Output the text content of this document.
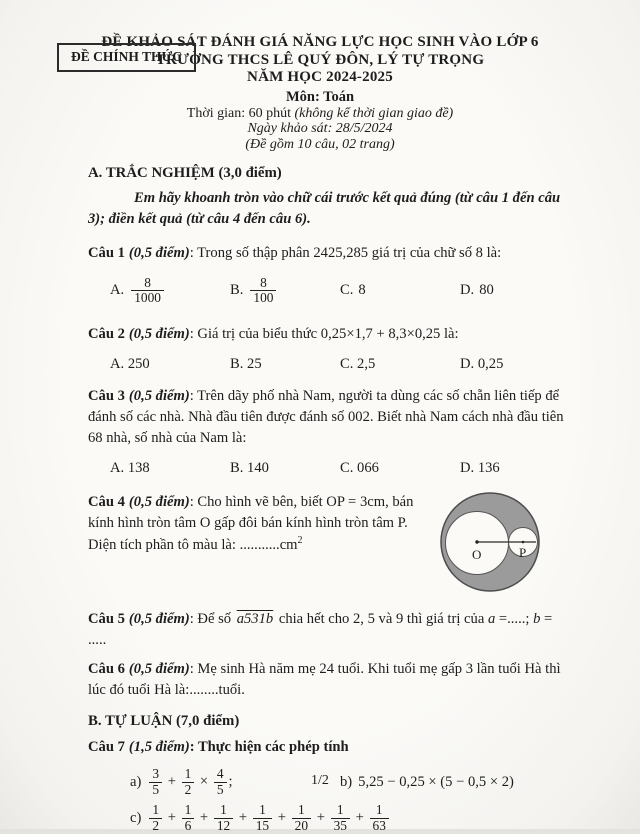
ĐỀ CHÍNH THỨC
ĐỀ KHẢO SÁT ĐÁNH GIÁ NĂNG LỰC HỌC SINH VÀO LỚP 6
TRƯỜNG THCS LÊ QUÝ ĐÔN, LÝ TỰ TRỌNG
NĂM HỌC 2024-2025
Môn: Toán
Thời gian: 60 phút (không kể thời gian giao đề)
Ngày khảo sát: 28/5/2024
(Đề gồm 10 câu, 02 trang)
A. TRẮC NGHIỆM (3,0 điểm)
Em hãy khoanh tròn vào chữ cái trước kết quả đúng (từ câu 1 đến câu 3); điền kết quả (từ câu 4 đến câu 6).

Câu 1 (0,5 điểm): Trong số thập phân 2425,285 giá trị của chữ số 8 là:

A. $\frac{8}{1000}$	B. $\frac{8}{100}$	C. 8	D. 80

Câu 2 (0,5 điểm): Giá trị của biểu thức 0,25×1,7 + 8,3×0,25 là:

A. 250	B. 25	C. 2,5	D. 0,25

Câu 3 (0,5 điểm): Trên dãy phố nhà Nam, người ta dùng các số chẵn liên tiếp để đánh số các nhà. Nhà đầu tiên được đánh số 002. Biết nhà Nam cách nhà đầu tiên 68 nhà, số nhà của Nam là:

A. 138	B. 140	C. 066	D. 136

Câu 4 (0,5 điểm): Cho hình vẽ bên, biết OP = 3cm, bán kính hình tròn tâm O gấp đôi bán kính hình tròn tâm P. Diện tích phần tô màu là: $...........cm^2$

O	P

Câu 5 (0,5 điểm): Để số a531b chia hết cho 2, 5 và 9 thì giá trị của a =.....; b = .....

Câu 6 (0,5 điểm): Mẹ sinh Hà năm mẹ 24 tuổi. Khi tuổi mẹ gấp 3 lần tuổi Hà thì lúc đó tuổi Hà là:........tuổi.

B. TỰ LUẬN (7,0 điểm)

Câu 7 (1,5 điểm): Thực hiện các phép tính

$a) \frac{3}{5} + \frac{1}{2} \times \frac{4}{5}$ ;	b) 5,25 − 0,25 × (5 − 0,5 × 2)
$c) \frac{1}{2} + \frac{1}{6} + \frac{1}{12} + \frac{1}{15} + \frac{1}{20} + \frac{1}{35} + \frac{1}{63}$
1/2
